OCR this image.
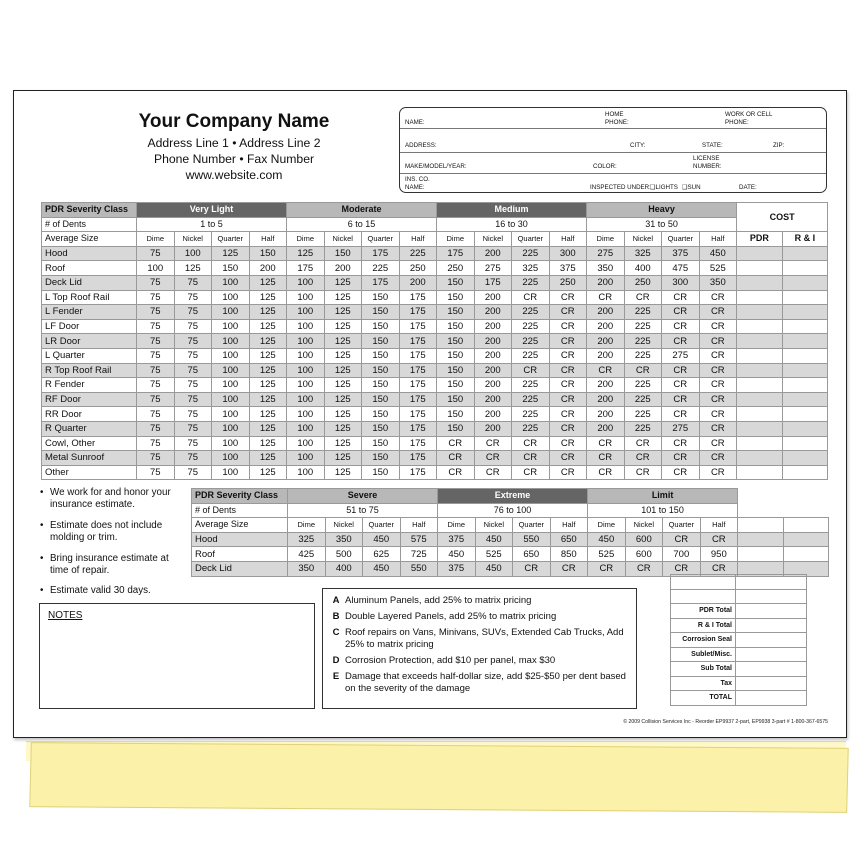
Your Company Name
Address Line 1 • Address Line 2
Phone Number • Fax Number
www.website.com
NAME:
HOME
PHONE:
WORK OR CELL
PHONE:
ADDRESS:	CITY:	STATE:	ZIP:
MAKE/MODEL/YEAR:	COLOR:
LICENSE
NUMBER:
INS. CO.
NAME:	INSPECTED UNDER: ❑LIGHTS ❑SUN	DATE:
PDR Severity Class	Very Light				Moderate				Medium				Heavy				COST	
# of Dents	1 to 5				6 to 15				16 to 30				31 to 50					
Average Size	Dime	Nickel	Quarter	Half	Dime	Nickel	Quarter	Half	Dime	Nickel	Quarter	Half	Dime	Nickel	Quarter	Half	PDR	R & I
Hood	75	100	125	150	125	150	175	225	175	200	225	300	275	325	375	450		
Roof	100	125	150	200	175	200	225	250	250	275	325	375	350	400	475	525		
Deck Lid	75	75	100	125	100	125	175	200	150	175	225	250	200	250	300	350		
L Top Roof Rail	75	75	100	125	100	125	150	175	150	200	CR	CR	CR	CR	CR	CR		
L Fender	75	75	100	125	100	125	150	175	150	200	225	CR	200	225	CR	CR		
LF Door	75	75	100	125	100	125	150	175	150	200	225	CR	200	225	CR	CR		
LR Door	75	75	100	125	100	125	150	175	150	200	225	CR	200	225	CR	CR		
L Quarter	75	75	100	125	100	125	150	175	150	200	225	CR	200	225	275	CR		
R Top Roof Rail	75	75	100	125	100	125	150	175	150	200	CR	CR	CR	CR	CR	CR		
R Fender	75	75	100	125	100	125	150	175	150	200	225	CR	200	225	CR	CR		
RF Door	75	75	100	125	100	125	150	175	150	200	225	CR	200	225	CR	CR		
RR Door	75	75	100	125	100	125	150	175	150	200	225	CR	200	225	CR	CR		
R Quarter	75	75	100	125	100	125	150	175	150	200	225	CR	200	225	275	CR		
Cowl, Other	75	75	100	125	100	125	150	175	CR	CR	CR	CR	CR	CR	CR	CR		
Metal Sunroof	75	75	100	125	100	125	150	175	CR	CR	CR	CR	CR	CR	CR	CR		
Other	75	75	100	125	100	125	150	175	CR	CR	CR	CR	CR	CR	CR	CR		
• We work for and honor your insurance estimate.
• Estimate does not include molding or trim.
• Bring insurance estimate at time of repair.
• Estimate valid 30 days.
PDR Severity Class	Severe				Extreme				Limit					
# of Dents	51 to 75				76 to 100				101 to 150					
Average Size	Dime	Nickel	Quarter	Half	Dime	Nickel	Quarter	Half	Dime	Nickel	Quarter	Half		
Hood	325	350	450	575	375	450	550	650	450	600	CR	CR		
Roof	425	500	625	725	450	525	650	850	525	600	700	950		
Deck Lid	350	400	450	550	375	450	CR	CR	CR	CR	CR	CR		
NOTES
A Aluminum Panels, add 25% to matrix pricing
B Double Layered Panels, add 25% to matrix pricing
C Roof repairs on Vans, Minivans, SUVs, Extended Cab Trucks, Add 25% to matrix pricing
D Corrosion Protection, add $10 per panel, max $30
E Damage that exceeds half-dollar size, add $25-$50 per dent based on the severity of the damage

PDR Total	
R & I Total	
Corrosion Seal	
Sublet/Misc.	
Sub Total	
Tax	
TOTAL	
© 2009 Collision Services Inc - Reorder EP9937 2-part, EP9938 3-part # 1-800-367-6575
